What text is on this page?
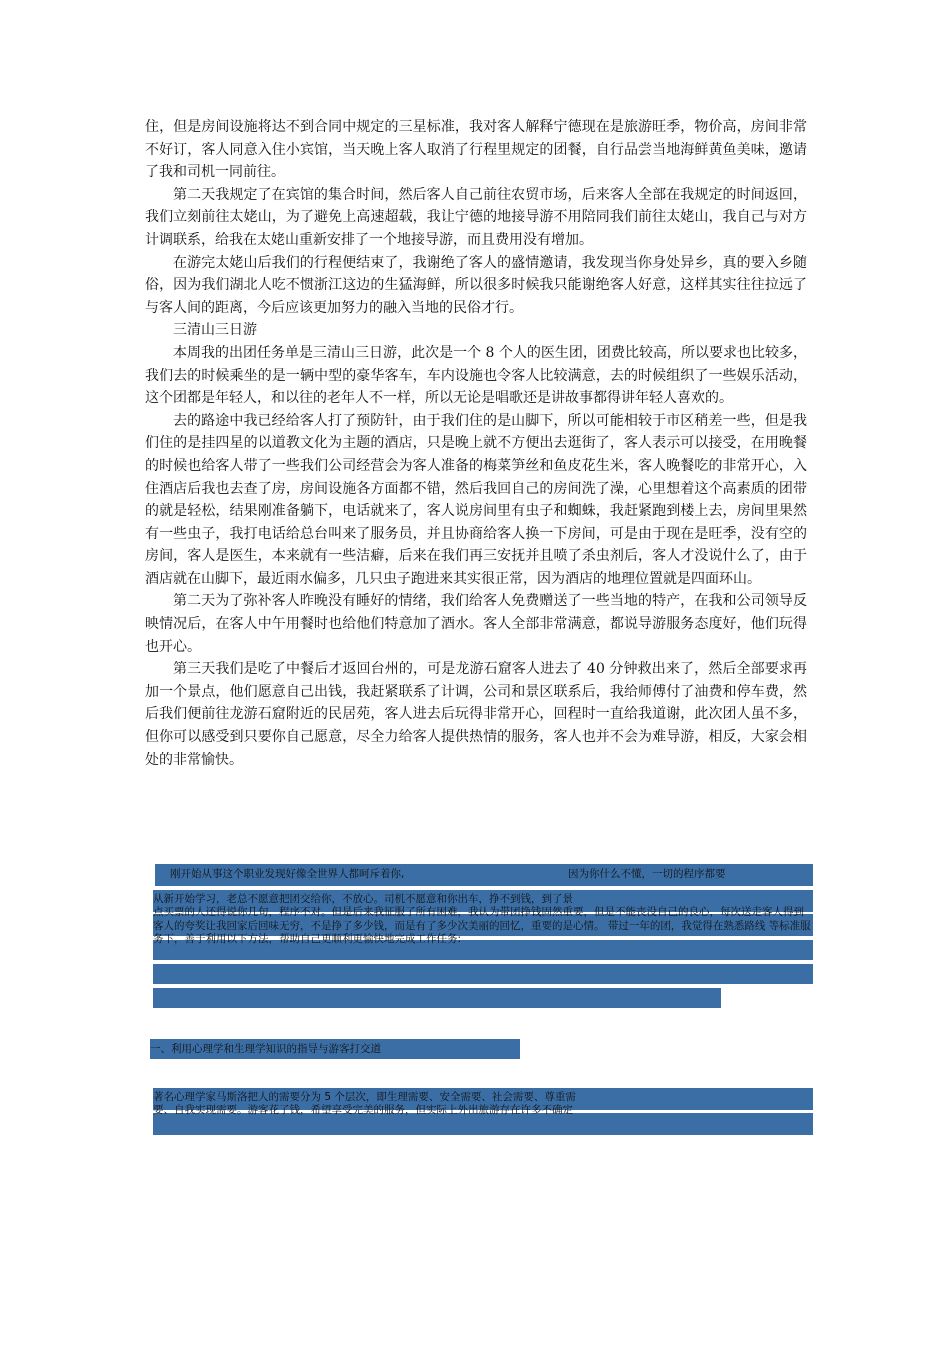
住，但是房间设施将达不到合同中规定的三星标准，我对客人解释宁德现在是旅游旺季，物价高，房间非常不好订，客人同意入住小宾馆，当天晚上客人取消了行程里规定的团餐，自行品尝当地海鲜黄鱼美味，邀请了我和司机一同前往。

第二天我规定了在宾馆的集合时间，然后客人自己前往农贸市场，后来客人全部在我规定的时间返回，我们立刻前往太姥山，为了避免上高速超载，我让宁德的地接导游不用陪同我们前往太姥山，我自己与对方计调联系，给我在太姥山重新安排了一个地接导游，而且费用没有增加。

在游完太姥山后我们的行程便结束了，我谢绝了客人的盛情邀请，我发现当你身处异乡，真的要入乡随俗，因为我们湖北人吃不惯浙江这边的生猛海鲜，所以很多时候我只能谢绝客人好意，这样其实往往拉远了与客人间的距离，今后应该更加努力的融入当地的民俗才行。

三清山三日游

本周我的出团任务单是三清山三日游，此次是一个 8 个人的医生团，团费比较高，所以要求也比较多，我们去的时候乘坐的是一辆中型的豪华客车，车内设施也令客人比较满意，去的时候组织了一些娱乐活动，这个团都是年轻人，和以往的老年人不一样，所以无论是唱歌还是讲故事都得讲年轻人喜欢的。

去的路途中我已经给客人打了预防针，由于我们住的是山脚下，所以可能相较于市区稍差一些，但是我们住的是挂四星的以道教文化为主题的酒店，只是晚上就不方便出去逛街了，客人表示可以接受，在用晚餐的时候也给客人带了一些我们公司经营会为客人准备的梅菜笋丝和鱼皮花生米，客人晚餐吃的非常开心，入住酒店后我也去查了房，房间设施各方面都不错，然后我回自己的房间洗了澡，心里想着这个高素质的团带的就是轻松，结果刚准备躺下，电话就来了，客人说房间里有虫子和蜘蛛，我赶紧跑到楼上去，房间里果然有一些虫子，我打电话给总台叫来了服务员，并且协商给客人换一下房间，可是由于现在是旺季，没有空的房间，客人是医生，本来就有一些洁癖，后来在我们再三安抚并且喷了杀虫剂后，客人才没说什么了，由于酒店就在山脚下，最近雨水偏多，几只虫子跑进来其实很正常，因为酒店的地理位置就是四面环山。

第二天为了弥补客人昨晚没有睡好的情绪，我们给客人免费赠送了一些当地的特产，在我和公司领导反映情况后，在客人中午用餐时也给他们特意加了酒水。客人全部非常满意，都说导游服务态度好，他们玩得也开心。

第三天我们是吃了中餐后才返回台州的，可是龙游石窟客人进去了 40 分钟救出来了，然后全部要求再加一个景点，他们愿意自己出钱，我赶紧联系了计调，公司和景区联系后，我给师傅付了油费和停车费，然后我们便前往龙游石窟附近的民居苑，客人进去后玩得非常开心，回程时一直给我道谢，此次团人虽不多，但你可以感受到只要你自己愿意，尽全力给客人提供热情的服务，客人也并不会为难导游，相反，大家会相处的非常愉快。

刚开始从事这个职业发现好像全世界人都呵斥着你,	因为你什么不懂，一切的程序都要
从新开始学习，老总不愿意把团交给你，不放心。司机不愿意和你出车，挣不到钱，到了景
点买票的人还得说你几句，程序不对。但是后来我征服了所有困难，我认为带团挣钱固然重要，但是不能丧没自己的良心，每次送走客人得到客人的夸奖让我回家后回味无穷，不是挣了多少钱，而是有了多少次美丽的回忆，重要的是心情。 带过一年的团，我觉得在熟悉路线 等标准服务下，善于利用以下方法，帮助自己更顺利更愉快地完成工作任务:
一、利用心理学和生理学知识的指导与游客打交道
著名心理学家马斯洛把人的需要分为 5 个层次，即生理需要、安全需要、社会需要、尊重需
要、自我实现需要。游客花了钱，希望享受完美的服务，但实际上外出旅游存在许多不确定
